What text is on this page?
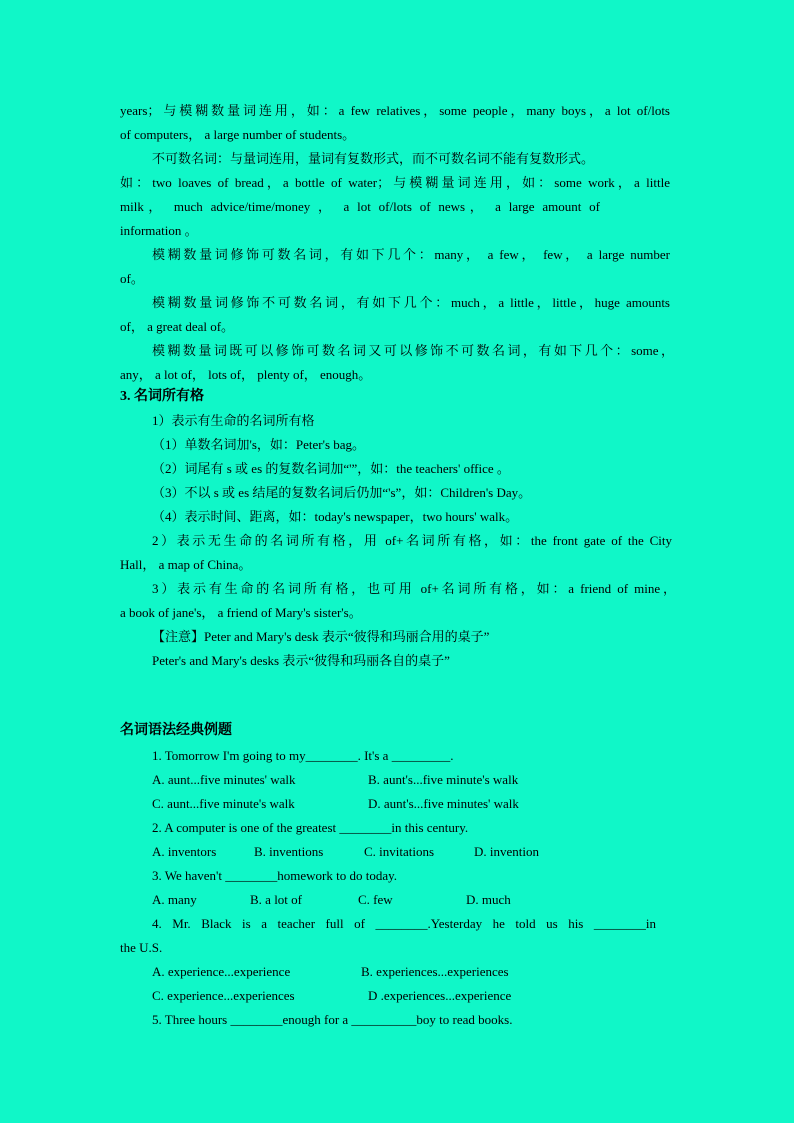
years；与模糊数量词连用，如：a few relatives，some people，many boys，a lot of/lots
of computers， a large number of students。
不可数名词：与量词连用，量词有复数形式，而不可数名词不能有复数形式。
如：two loaves of bread，a bottle of water；与模糊量词连用，如：some work，a little
milk， much advice/time/money ， a lot of/lots of news， a large amount of
information 。
模糊数量词修饰可数名词，有如下几个：many， a few， few， a large number
of。
模糊数量词修饰不可数名词，有如下几个：much，a little，little，huge amounts
of， a great deal of。
模糊数量词既可以修饰可数名词又可以修饰不可数名词，有如下几个：some，
any， a lot of， lots of， plenty of， enough。
3. 名词所有格
1）表示有生命的名词所有格
（1）单数名词加's，如：Peter's bag。
（2）词尾有 s 或 es 的复数名词加“'”，如：the teachers' office 。
（3）不以 s 或 es 结尾的复数名词后仍加“'s”，如：Children's Day。
（4）表示时间、距离，如：today's newspaper，two hours' walk。
2）表示无生命的名词所有格，用 of+名词所有格，如：the front gate of the City
Hall， a map of China。
3）表示有生命的名词所有格，也可用 of+名词所有格，如：a friend of mine，
a book of jane's， a friend of Mary's sister's。
【注意】Peter and Mary's desk 表示“彼得和玛丽合用的桌子”
Peter's and Mary's desks 表示“彼得和玛丽各自的桌子”
名词语法经典例题
1. Tomorrow I'm going to my________. It's a _________.
A. aunt...five minutes' walk	B. aunt's...five minute's walk
C. aunt...five minute's walk	D. aunt's...five minutes' walk
2. A computer is one of the greatest ________in this century.
A. inventors	B. inventions	C. invitations	D. invention
3. We haven't ________homework to do today.
A. many	B. a lot of	C. few	D. much
4. Mr. Black is a teacher full of ________.Yesterday he told us his ________in
the U.S.
A. experience...experience	B. experiences...experiences
C. experience...experiences	D .experiences...experience
5. Three hours ________enough for a __________boy to read books.
